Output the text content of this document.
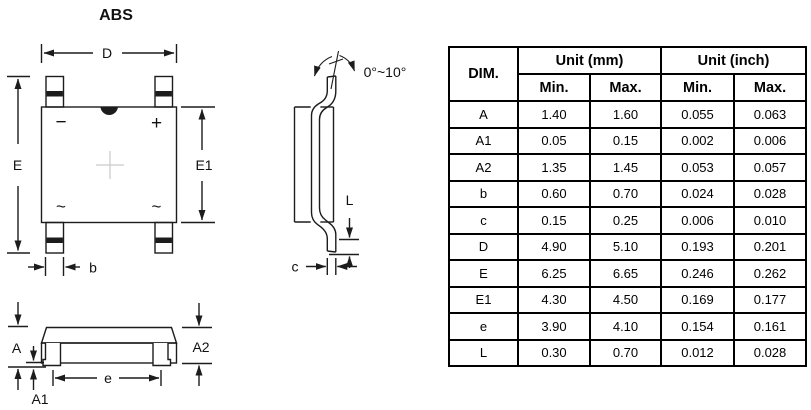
ABS
−	+
~	~
D
E	E1
b
0°~10°
L
c
A
A1
A2
e
DIM.	Unit (mm)		Unit (inch)	
	Min.	Max.	Min.	Max.
A	1.40	1.60	0.055	0.063
A1	0.05	0.15	0.002	0.006
A2	1.35	1.45	0.053	0.057
b	0.60	0.70	0.024	0.028
c	0.15	0.25	0.006	0.010
D	4.90	5.10	0.193	0.201
E	6.25	6.65	0.246	0.262
E1	4.30	4.50	0.169	0.177
e	3.90	4.10	0.154	0.161
L	0.30	0.70	0.012	0.028
